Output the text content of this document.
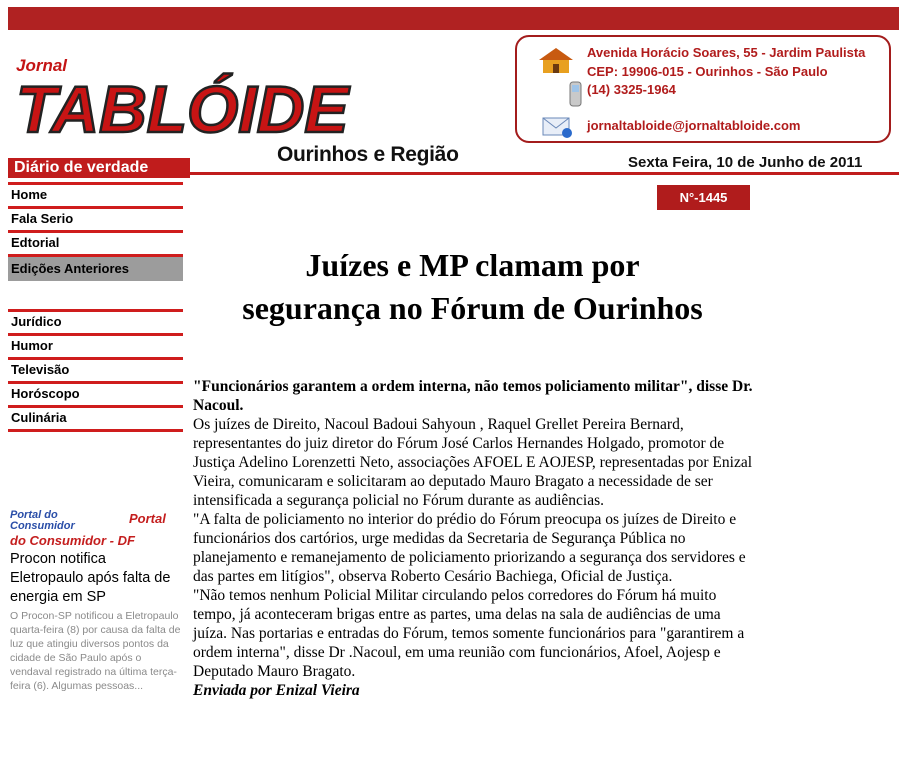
Jornal
TABLÓIDE
Ourinhos e Região
Diário de verdade	Sexta Feira, 10 de Junho de 2011
Avenida Horácio Soares, 55 - Jardim Paulista
CEP: 19906-015 - Ourinhos - São Paulo
(14) 3325-1964
jornaltabloide@jornaltabloide.com
N°-1445
Home
Fala Serio
Edtorial
Edições Anteriores
Jurídico
Humor
Televisão
Horóscopo
Culinária
Juízes e MP clamam por
segurança no Fórum de Ourinhos

"Funcionários garantem a ordem interna, não temos policiamento militar", disse Dr. Nacoul.

Os juízes de Direito, Nacoul Badoui Sahyoun , Raquel Grellet Pereira Bernard, representantes do juiz diretor do Fórum José Carlos Hernandes Holgado, promotor de Justiça Adelino Lorenzetti Neto, associações AFOEL E AOJESP, representadas por Enizal Vieira, comunicaram e solicitaram ao deputado Mauro Bragato a necessidade de ser intensificada a segurança policial no Fórum durante as audiências.

"A falta de policiamento no interior do prédio do Fórum preocupa os juízes de Direito e funcionários dos cartórios, urge medidas da Secretaria de Segurança Pública no planejamento e remanejamento de policiamento priorizando a segurança dos servidores e das partes em litígios", observa Roberto Cesário Bachiega, Oficial de Justiça.

"Não temos nenhum Policial Militar circulando pelos corredores do Fórum há muito tempo, já aconteceram brigas entre as partes, uma delas na sala de audiências de uma juíza. Nas portarias e entradas do Fórum, temos somente funcionários para "garantirem a ordem interna", disse Dr .Nacoul, em uma reunião com funcionários, Afoel, Aojesp e Deputado Mauro Bragato.

Enviada por Enizal Vieira

Portal do Consumidor	Portal do Consumidor - DF
Procon notifica Eletropaulo após falta de energia em SP
O Procon-SP notificou a Eletropaulo quarta-feira (8) por causa da falta de luz que atingiu diversos pontos da cidade de São Paulo após o vendaval registrado na última terça-feira (6). Algumas pessoas...
